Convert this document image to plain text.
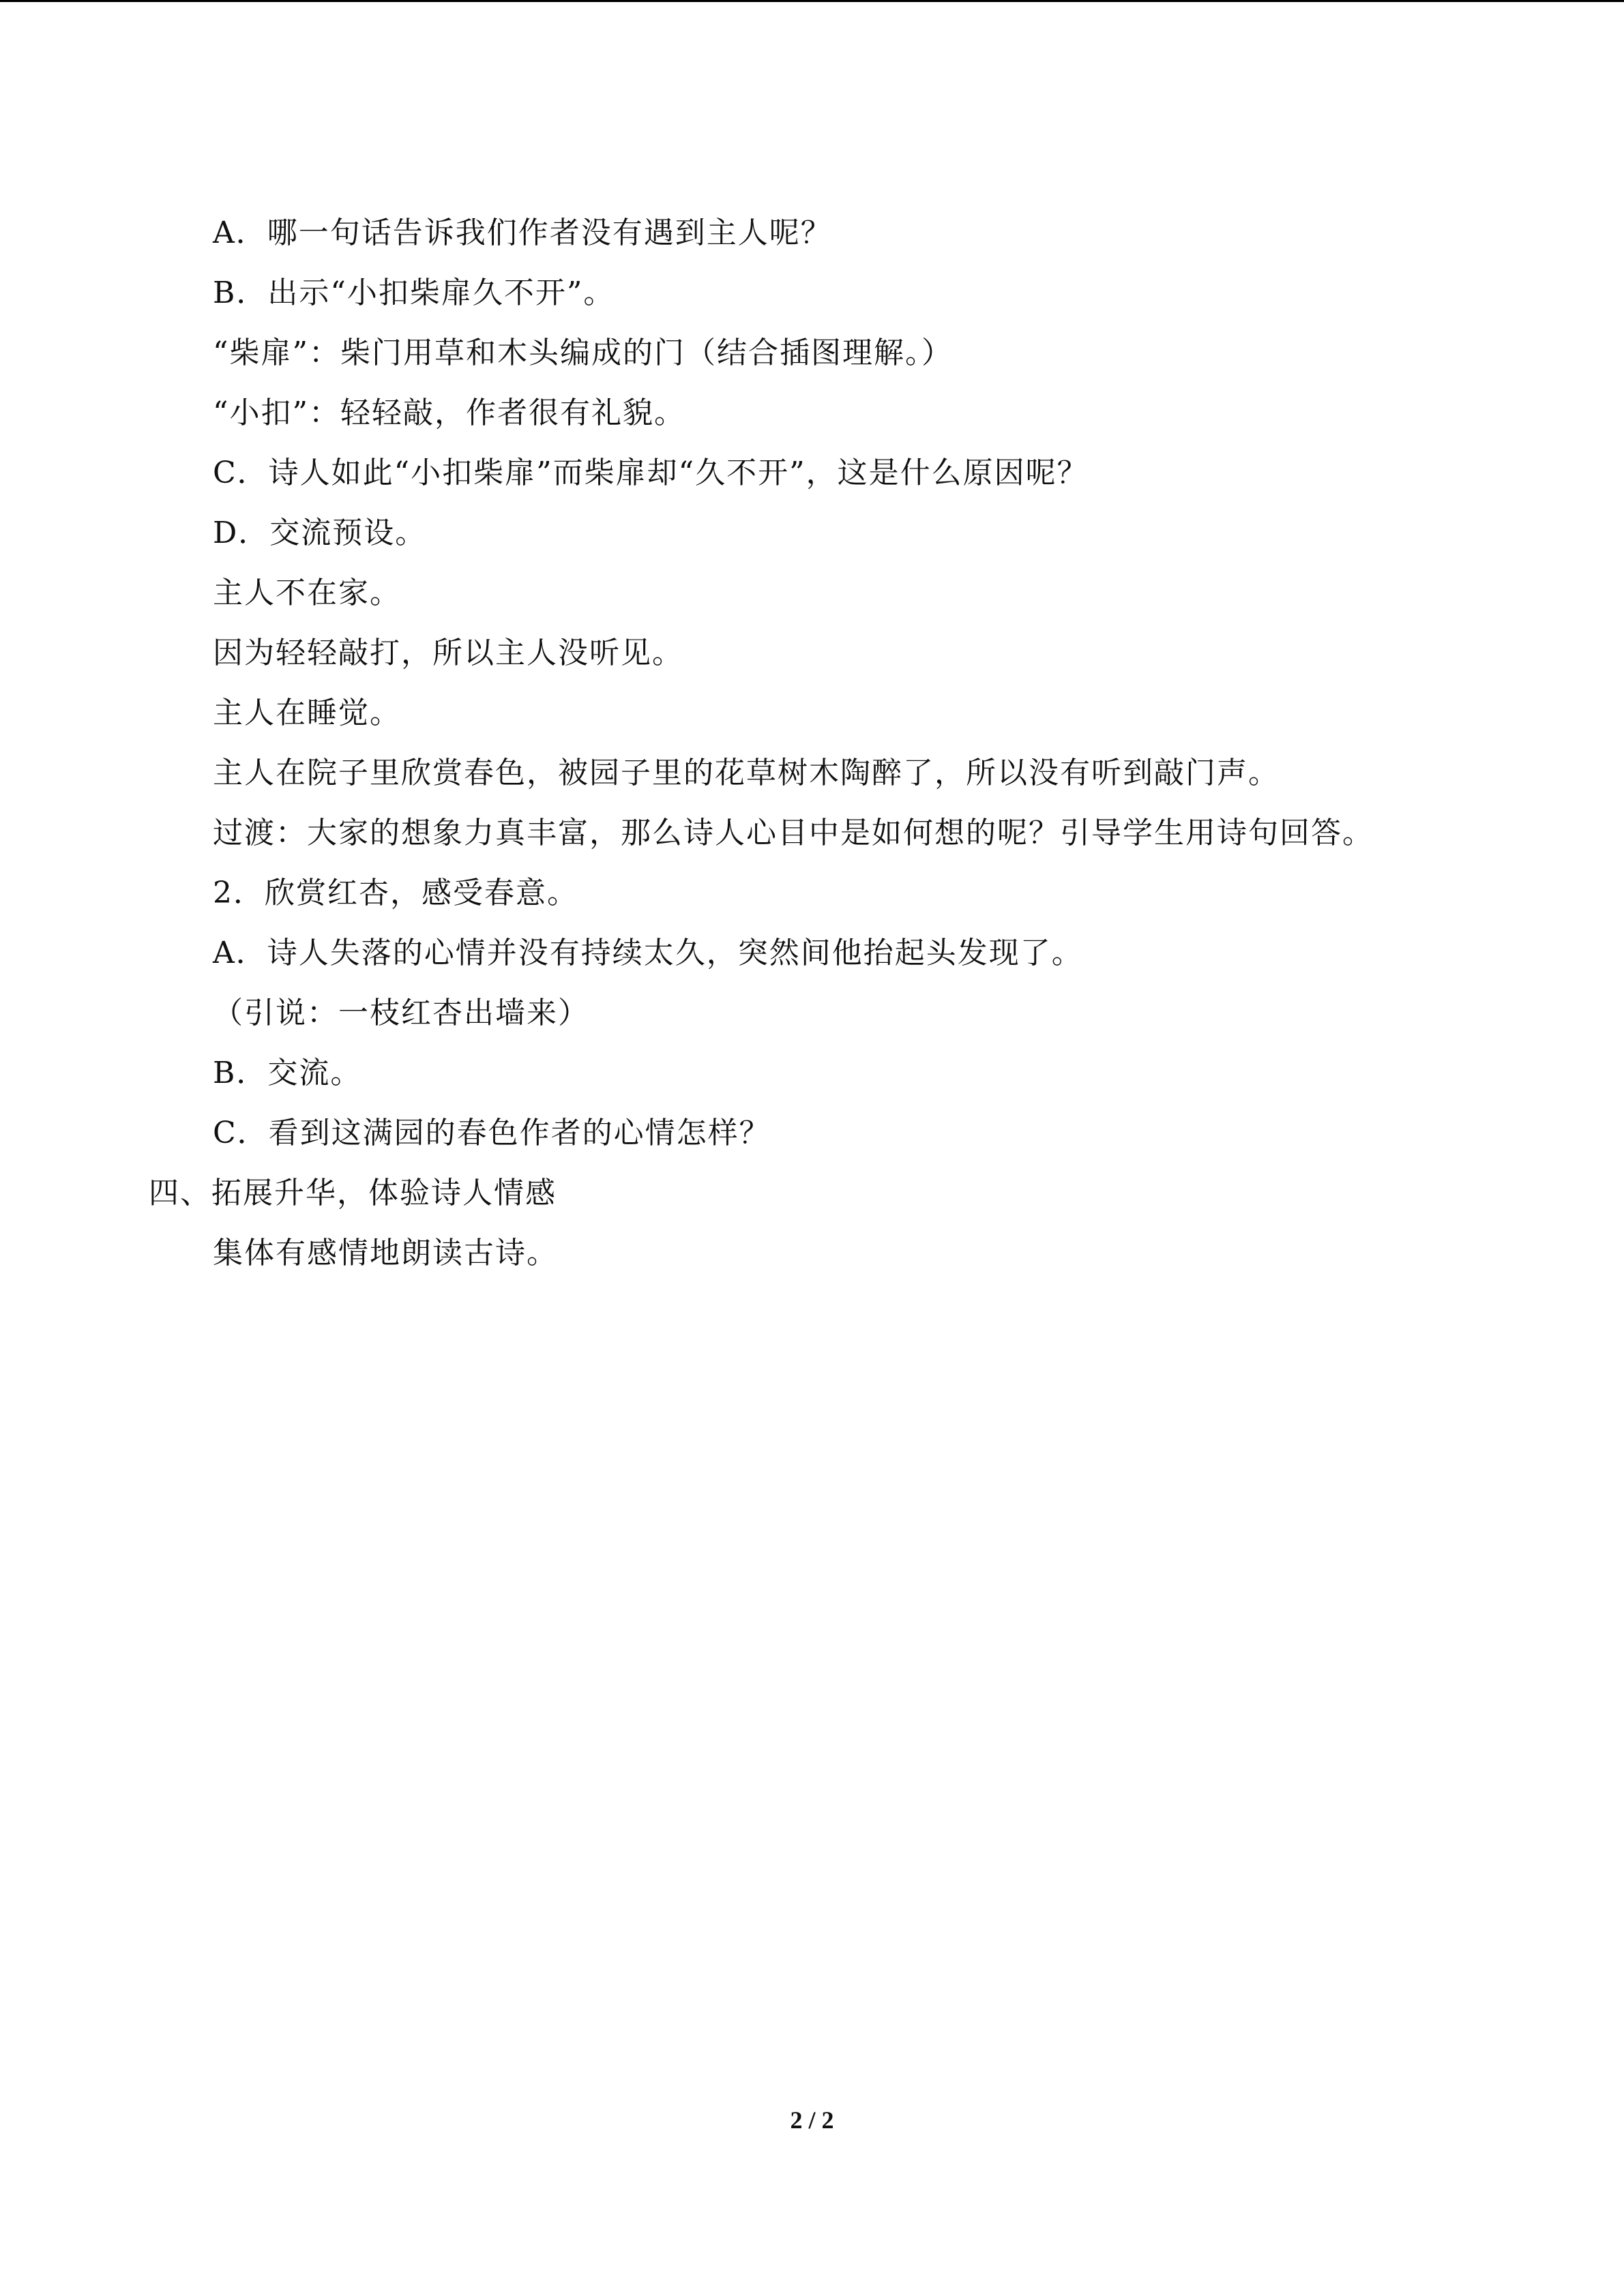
A．哪一句话告诉我们作者没有遇到主人呢？
B．出示“小扣柴扉久不开”。
“柴扉”：柴门用草和木头编成的门（结合插图理解。）
“小扣”：轻轻敲，作者很有礼貌。
C．诗人如此“小扣柴扉”而柴扉却“久不开”，这是什么原因呢？
D．交流预设。
主人不在家。
因为轻轻敲打，所以主人没听见。
主人在睡觉。
主人在院子里欣赏春色，被园子里的花草树木陶醉了，所以没有听到敲门声。
过渡：大家的想象力真丰富，那么诗人心目中是如何想的呢？引导学生用诗句回答。
2．欣赏红杏，感受春意。
A．诗人失落的心情并没有持续太久，突然间他抬起头发现了。
（引说：一枝红杏出墙来）
B．交流。
C．看到这满园的春色作者的心情怎样？
四、拓展升华，体验诗人情感
集体有感情地朗读古诗。
2 / 2
